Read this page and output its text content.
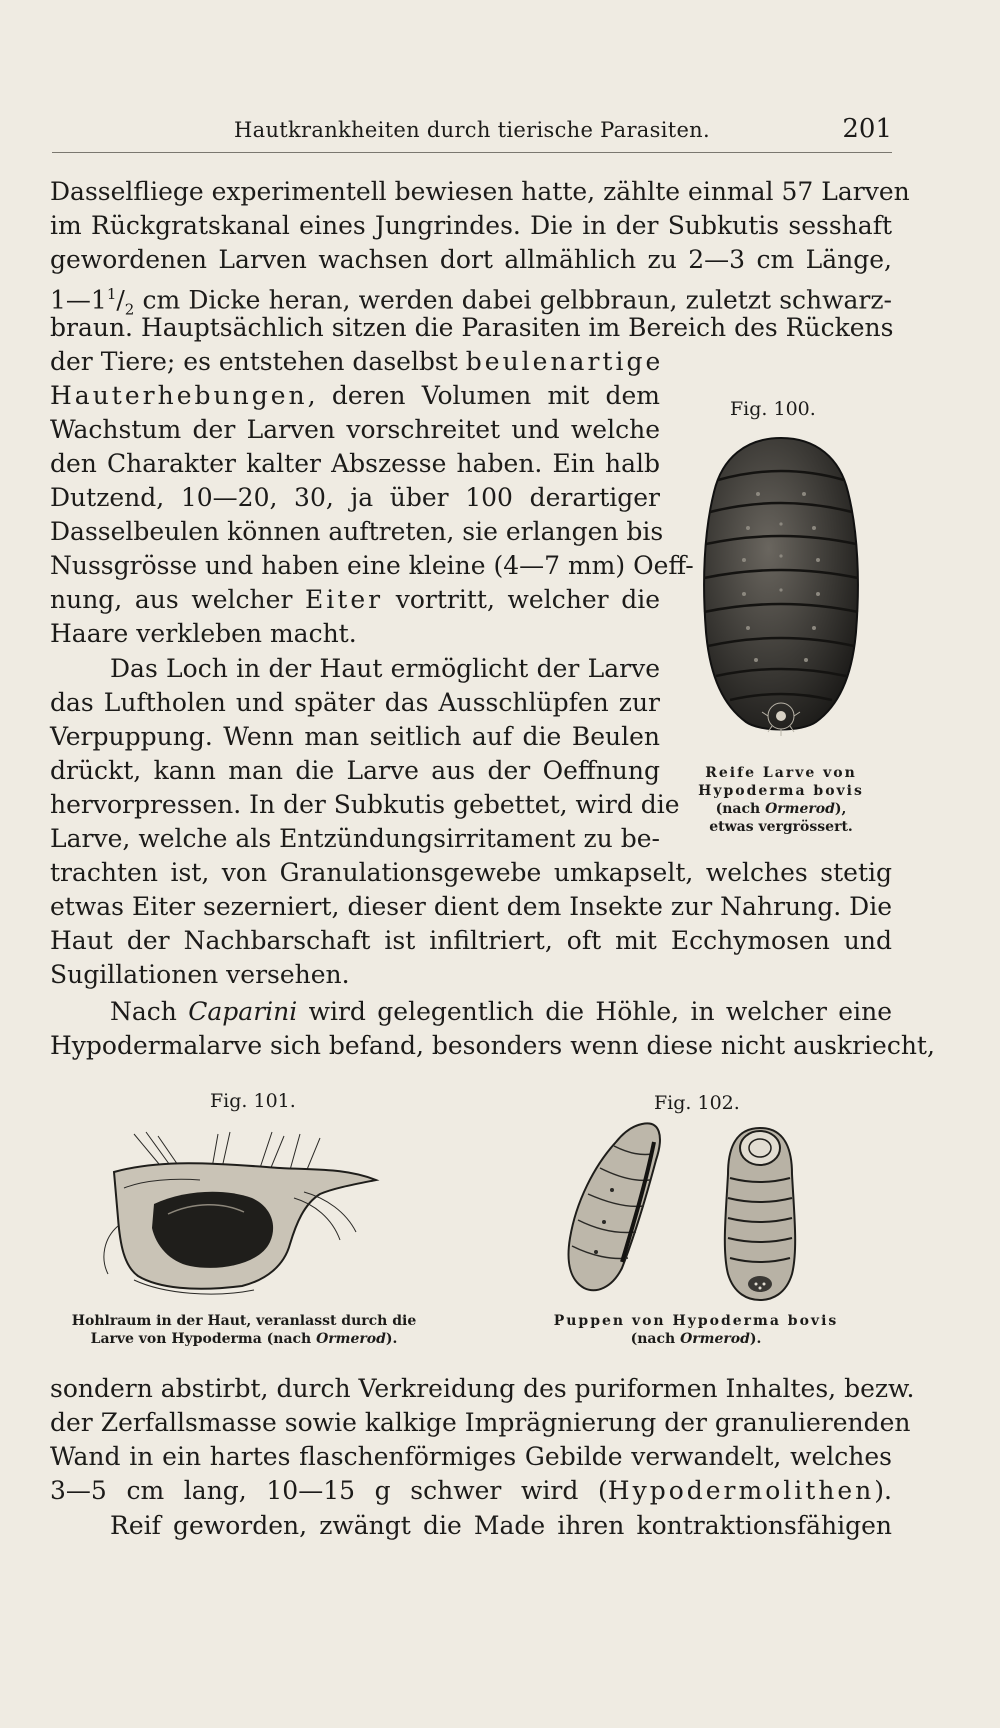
Hautkrankheiten durch tierische Parasiten.	201
Dasselfliege experimentell bewiesen hatte, zählte einmal 57 Larven
im Rückgratskanal eines Jungrindes. Die in der Subkutis sesshaft
gewordenen Larven wachsen dort allmählich zu 2—3 cm Länge,
$1—1^1/_2$ cm Dicke heran, werden dabei gelbbraun, zuletzt schwarz-
braun. Hauptsächlich sitzen die Parasiten im Bereich des Rückens
der Tiere; es entstehen daselbst beulenartige
Hauterhebungen, deren Volumen mit dem
Wachstum der Larven vorschreitet und welche
den Charakter kalter Abszesse haben. Ein halb
Dutzend, 10—20, 30, ja über 100 derartiger
Dasselbeulen können auftreten, sie erlangen bis
Nussgrösse und haben eine kleine (4—7 mm) Oeff-
nung, aus welcher Eiter vortritt, welcher die
Haare verkleben macht.
Das Loch in der Haut ermöglicht der Larve
das Luftholen und später das Ausschlüpfen zur
Verpuppung. Wenn man seitlich auf die Beulen
drückt, kann man die Larve aus der Oeffnung
hervorpressen. In der Subkutis gebettet, wird die
Larve, welche als Entzündungsirritament zu be-
trachten ist, von Granulationsgewebe umkapselt, welches stetig
etwas Eiter sezerniert, dieser dient dem Insekte zur Nahrung. Die
Haut der Nachbarschaft ist infiltriert, oft mit Ecchymosen und
Sugillationen versehen.
Nach Caparini wird gelegentlich die Höhle, in welcher eine
Hypodermalarve sich befand, besonders wenn diese nicht auskriecht,
Fig. 100.
Reife Larve von
Hypoderma bovis
(nach Ormerod),
etwas vergrössert.
Fig. 101.
Hohlraum in der Haut, veranlasst durch die
Larve von Hypoderma (nach Ormerod).
Fig. 102.
Puppen von Hypoderma bovis
(nach Ormerod).
sondern abstirbt, durch Verkreidung des puriformen Inhaltes, bezw.
der Zerfallsmasse sowie kalkige Imprägnierung der granulierenden
Wand in ein hartes flaschenförmiges Gebilde verwandelt, welches
3—5 cm lang, 10—15 g schwer wird (Hypodermolithen).
Reif geworden, zwängt die Made ihren kontraktionsfähigen
